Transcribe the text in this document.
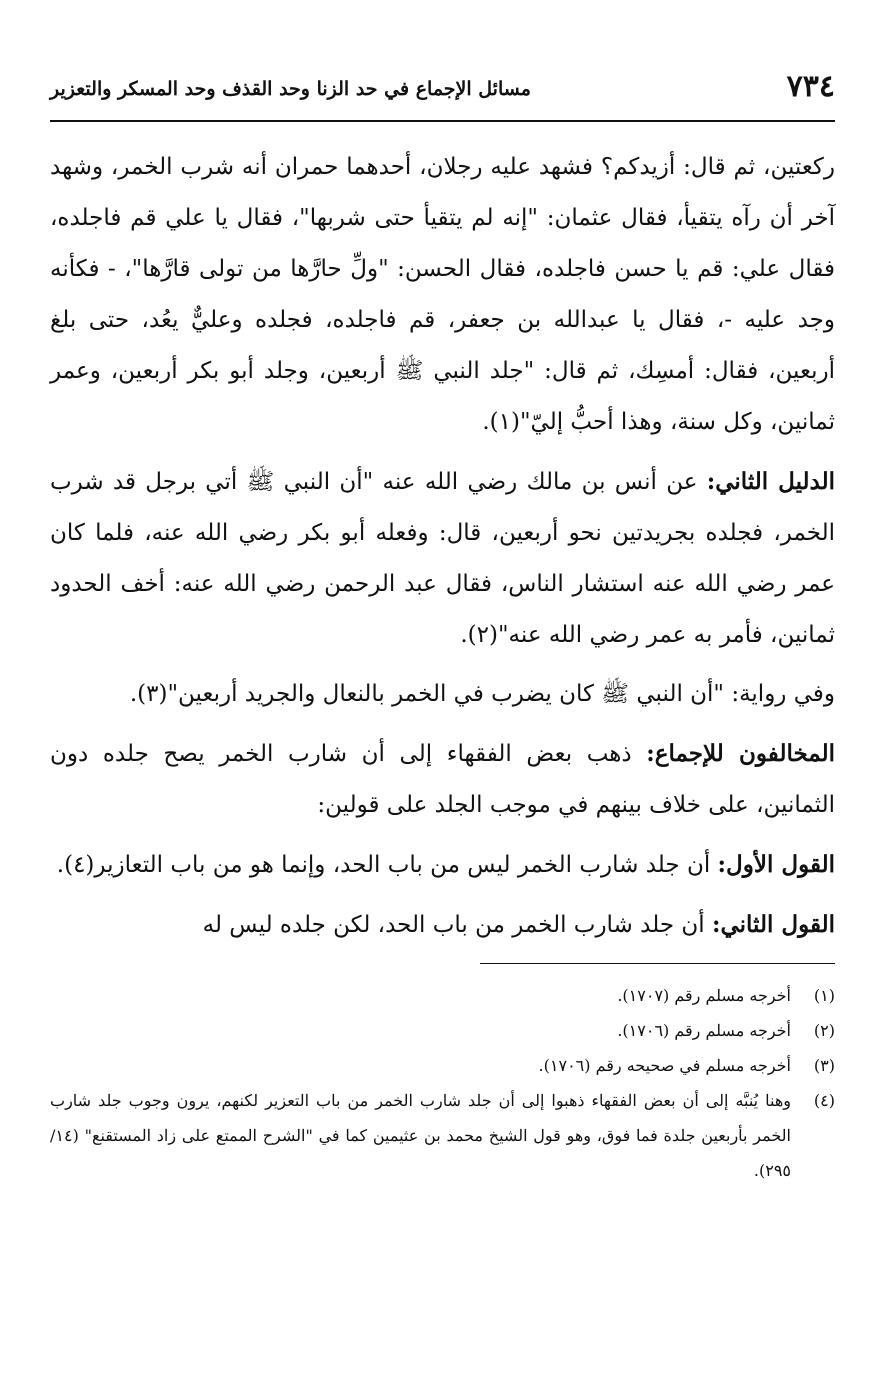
٧٣٤
مسائل الإجماع في حد الزنا وحد القذف وحد المسكر والتعزير

ركعتين، ثم قال: أزيدكم؟ فشهد عليه رجلان، أحدهما حمران أنه شرب الخمر، وشهد آخر أن رآه يتقيأ، فقال عثمان: "إنه لم يتقيأ حتى شربها"، فقال يا علي قم فاجلده، فقال علي: قم يا حسن فاجلده، فقال الحسن: "ولِّ حارَّها من تولى قارَّها"، - فكأنه وجد عليه -، فقال يا عبدالله بن جعفر، قم فاجلده، فجلده وعليٌّ يعُد، حتى بلغ أربعين، فقال: أمسِك، ثم قال: "جلد النبي ﷺ أربعين، وجلد أبو بكر أربعين، وعمر ثمانين، وكل سنة، وهذا أحبُّ إليّ"(١).

الدليل الثاني: عن أنس بن مالك رضي الله عنه "أن النبي ﷺ أتي برجل قد شرب الخمر، فجلده بجريدتين نحو أربعين، قال: وفعله أبو بكر رضي الله عنه، فلما كان عمر رضي الله عنه استشار الناس، فقال عبد الرحمن رضي الله عنه: أخف الحدود ثمانين، فأمر به عمر رضي الله عنه"(٢).

وفي رواية: "أن النبي ﷺ كان يضرب في الخمر بالنعال والجريد أربعين"(٣).

المخالفون للإجماع: ذهب بعض الفقهاء إلى أن شارب الخمر يصح جلده دون الثمانين، على خلاف بينهم في موجب الجلد على قولين:

القول الأول: أن جلد شارب الخمر ليس من باب الحد، وإنما هو من باب التعازير(٤).

القول الثاني: أن جلد شارب الخمر من باب الحد، لكن جلده ليس له

(١)
أخرجه مسلم رقم (١٧٠٧).
(٢)
أخرجه مسلم رقم (١٧٠٦).
(٣)
أخرجه مسلم في صحيحه رقم (١٧٠٦).
(٤)
وهنا يُنبَّه إلى أن بعض الفقهاء ذهبوا إلى أن جلد شارب الخمر من باب التعزير لكنهم، يرون وجوب جلد شارب الخمر بأربعين جلدة فما فوق، وهو قول الشيخ محمد بن عثيمين كما في "الشرح الممتع على زاد المستقنع" (١٤/ ٢٩٥).
